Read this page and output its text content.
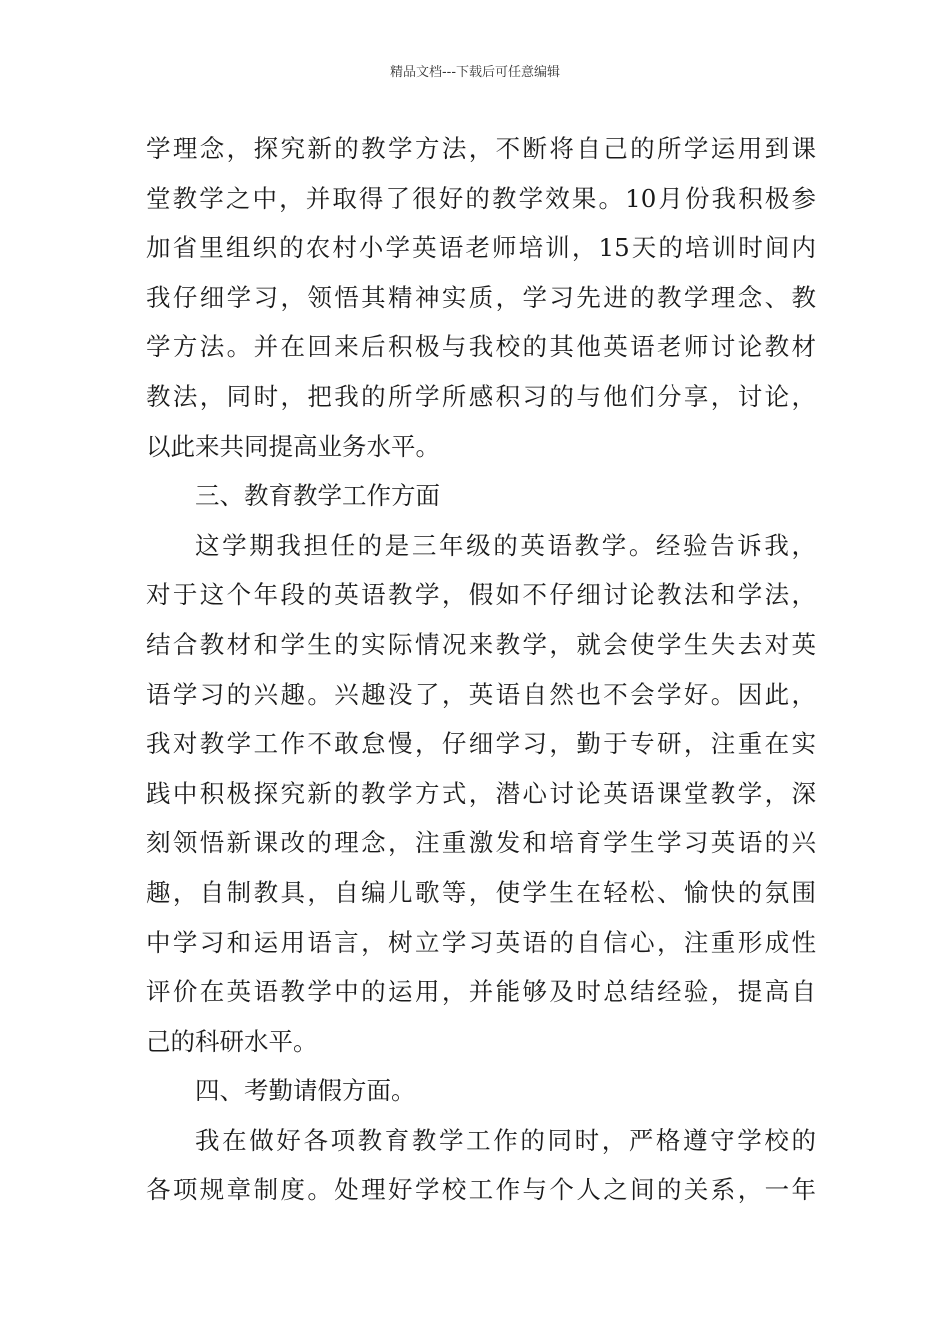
精品文档---下载后可任意编辑
学理念，探究新的教学方法，不断将自己的所学运用到课
堂教学之中，并取得了很好的教学效果。10月份我积极参
加省里组织的农村小学英语老师培训，15天的培训时间内
我仔细学习，领悟其精神实质，学习先进的教学理念、教
学方法。并在回来后积极与我校的其他英语老师讨论教材
教法，同时，把我的所学所感积习的与他们分享，讨论，
以此来共同提高业务水平。
三、教育教学工作方面
这学期我担任的是三年级的英语教学。经验告诉我，
对于这个年段的英语教学，假如不仔细讨论教法和学法，
结合教材和学生的实际情况来教学，就会使学生失去对英
语学习的兴趣。兴趣没了，英语自然也不会学好。因此，
我对教学工作不敢怠慢，仔细学习，勤于专研，注重在实
践中积极探究新的教学方式，潜心讨论英语课堂教学，深
刻领悟新课改的理念，注重激发和培育学生学习英语的兴
趣，自制教具，自编儿歌等，使学生在轻松、愉快的氛围
中学习和运用语言，树立学习英语的自信心，注重形成性
评价在英语教学中的运用，并能够及时总结经验，提高自
己的科研水平。
四、考勤请假方面。
我在做好各项教育教学工作的同时，严格遵守学校的
各项规章制度。处理好学校工作与个人之间的关系，一年
